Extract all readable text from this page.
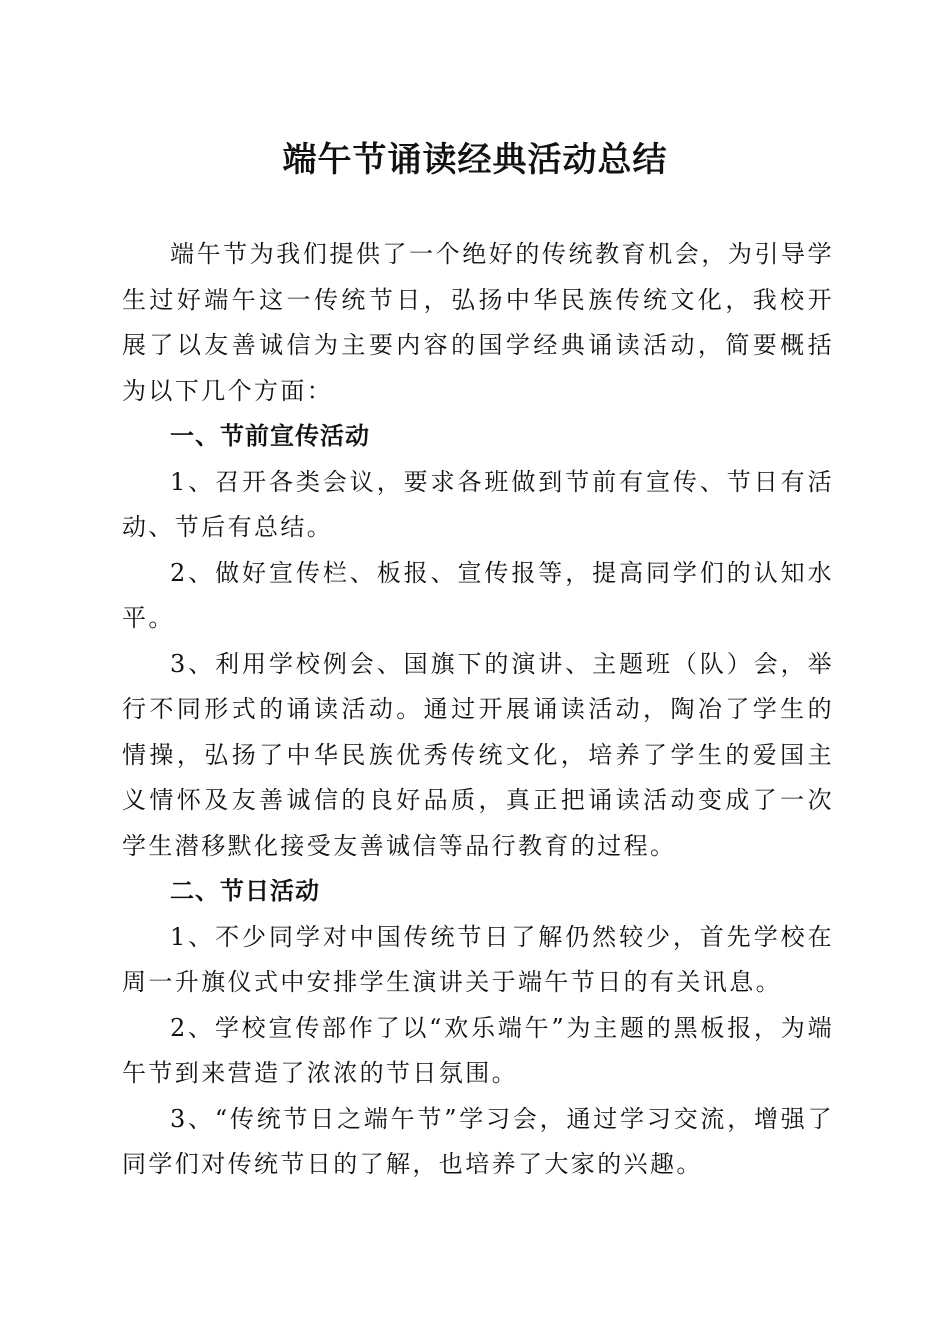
端午节诵读经典活动总结

端午节为我们提供了一个绝好的传统教育机会，为引导学生过好端午这一传统节日，弘扬中华民族传统文化，我校开展了以友善诚信为主要内容的国学经典诵读活动，简要概括为以下几个方面：

一、节前宣传活动

1、召开各类会议，要求各班做到节前有宣传、节日有活动、节后有总结。

2、做好宣传栏、板报、宣传报等，提高同学们的认知水平。

3、利用学校例会、国旗下的演讲、主题班（队）会，举行不同形式的诵读活动。通过开展诵读活动，陶冶了学生的情操，弘扬了中华民族优秀传统文化，培养了学生的爱国主义情怀及友善诚信的良好品质，真正把诵读活动变成了一次学生潜移默化接受友善诚信等品行教育的过程。

二、节日活动

1、不少同学对中国传统节日了解仍然较少，首先学校在周一升旗仪式中安排学生演讲关于端午节日的有关讯息。

2、学校宣传部作了以“欢乐端午”为主题的黑板报，为端午节到来营造了浓浓的节日氛围。

3、“传统节日之端午节”学习会，通过学习交流，增强了同学们对传统节日的了解，也培养了大家的兴趣。
